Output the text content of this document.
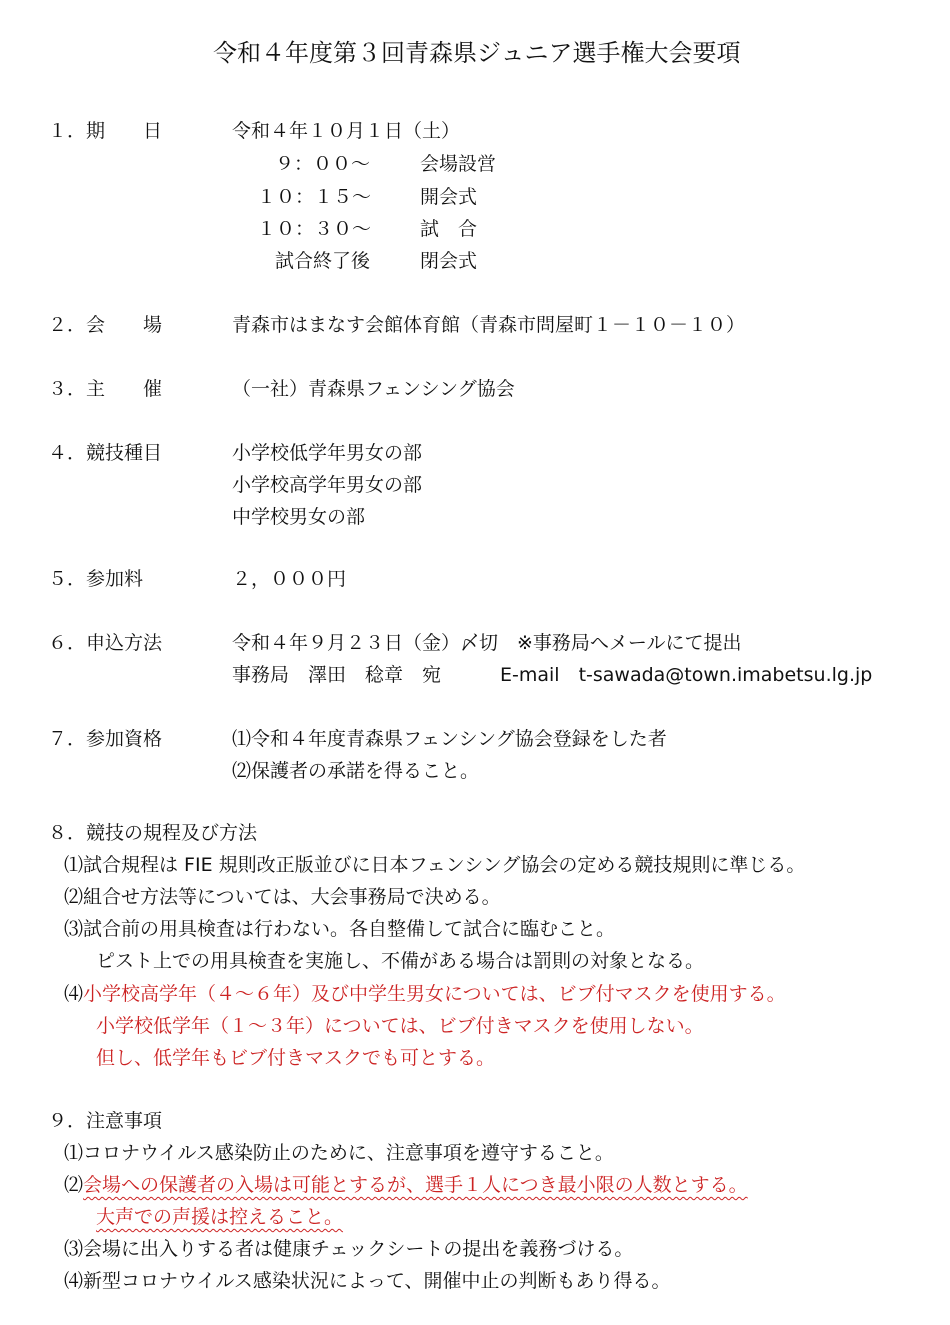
令和４年度第３回青森県ジュニア選手権大会要項
１．期　　日	令和４年１０月１日（土）
９：００～	会場設営
１０：１５～	開会式
１０：３０～	試　合
試合終了後	閉会式
２．会　　場	青森市はまなす会館体育館（青森市問屋町１－１０－１０）
３．主　　催	（一社）青森県フェンシング協会
４．競技種目	小学校低学年男女の部
小学校高学年男女の部
中学校男女の部
５．参加料	２，０００円
６．申込方法	令和４年９月２３日（金）〆切　※事務局へメールにて提出
事務局　澤田　稔章　宛	E-mail　t-sawada@town.imabetsu.lg.jp
７．参加資格	⑴令和４年度青森県フェンシング協会登録をした者
⑵保護者の承諾を得ること。
８．競技の規程及び方法
⑴試合規程は FIE 規則改正版並びに日本フェンシング協会の定める競技規則に準じる。
⑵組合せ方法等については、大会事務局で決める。
⑶試合前の用具検査は行わない。各自整備して試合に臨むこと。
ピスト上での用具検査を実施し、不備がある場合は罰則の対象となる。
⑷小学校高学年（４～６年）及び中学生男女については、ビブ付マスクを使用する。
小学校低学年（１～３年）については、ビブ付きマスクを使用しない。
但し、低学年もビブ付きマスクでも可とする。
９．注意事項
⑴コロナウイルス感染防止のために、注意事項を遵守すること。
⑵会場への保護者の入場は可能とするが、選手１人につき最小限の人数とする。
大声での声援は控えること。
⑶会場に出入りする者は健康チェックシートの提出を義務づける。
⑷新型コロナウイルス感染状況によって、開催中止の判断もあり得る。
